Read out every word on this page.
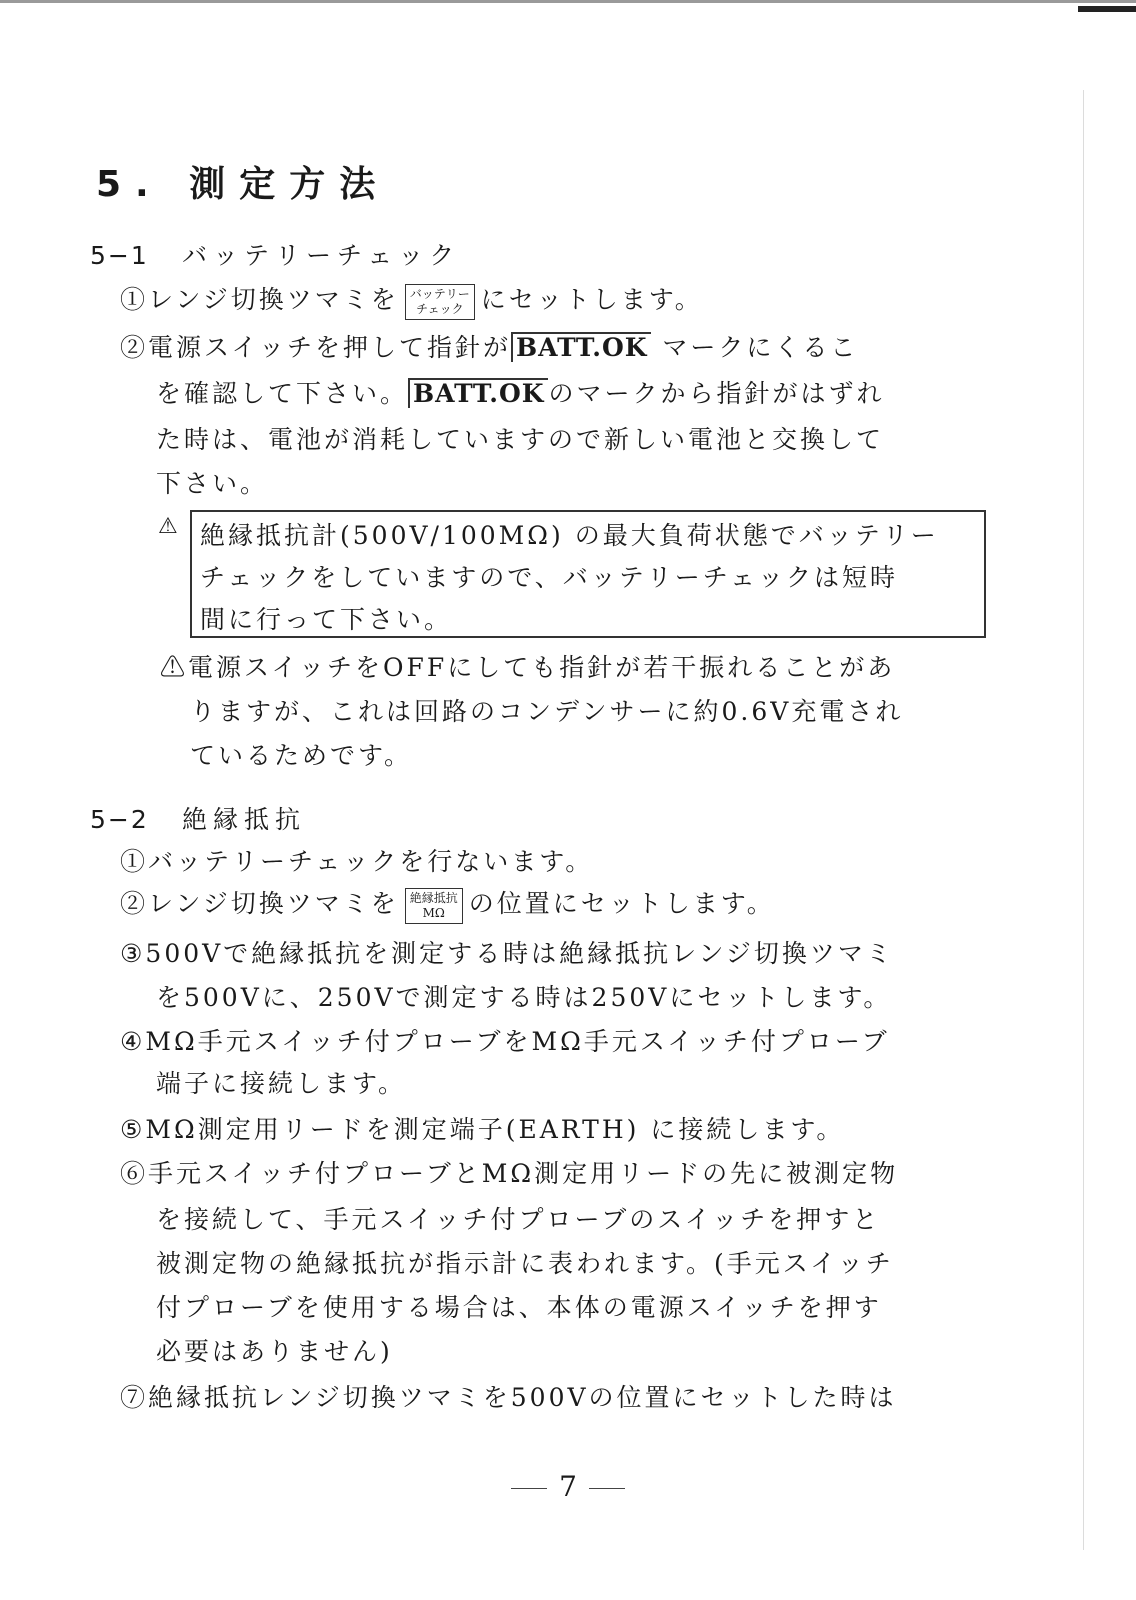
5. 測定方法

5−1 バッテリーチェック

①レンジ切換ツマミを バッテリー
チェック にセットします。

②電源スイッチを押して指針が BATT.OK マークにくるこ

を確認して下さい。 BATT.OK のマークから指針がはずれ

た時は、電池が消耗していますので新しい電池と交換して

下さい。

⚠ 絶縁抵抗計(500V/100MΩ) の最大負荷状態でバッテリー

チェックをしていますので、バッテリーチェックは短時

間に行って下さい。

⚠電源スイッチをOFFにしても指針が若干振れることがあ

りますが、これは回路のコンデンサーに約0.6V充電され

ているためです。

5−2 絶縁抵抗

①バッテリーチェックを行ないます。

②レンジ切換ツマミを 絶縁抵抗
MΩ の位置にセットします。

③500Vで絶縁抵抗を測定する時は絶縁抵抗レンジ切換ツマミ

を500Vに、250Vで測定する時は250Vにセットします。

④MΩ手元スイッチ付プローブをMΩ手元スイッチ付プローブ

端子に接続します。

⑤MΩ測定用リードを測定端子(EARTH) に接続します。

⑥手元スイッチ付プローブとMΩ測定用リードの先に被測定物

を接続して、手元スイッチ付プローブのスイッチを押すと

被測定物の絶縁抵抗が指示計に表われます。(手元スイッチ

付プローブを使用する場合は、本体の電源スイッチを押す

必要はありません)

⑦絶縁抵抗レンジ切換ツマミを500Vの位置にセットした時は

7
